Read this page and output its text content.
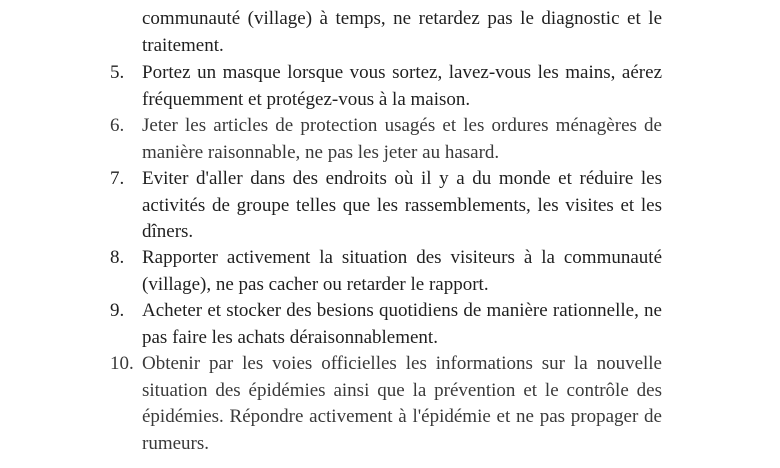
communauté (village) à temps, ne retardez pas le diagnostic et le traitement.
5. Portez un masque lorsque vous sortez, lavez-vous les mains, aérez fréquemment et protégez-vous à la maison.
6. Jeter les articles de protection usagés et les ordures ménagères de manière raisonnable, ne pas les jeter au hasard.
7. Eviter d'aller dans des endroits où il y a du monde et réduire les activités de groupe telles que les rassemblements, les visites et les dîners.
8. Rapporter activement la situation des visiteurs à la communauté (village), ne pas cacher ou retarder le rapport.
9. Acheter et stocker des besions quotidiens de manière rationnelle, ne pas faire les achats déraisonnablement.
10. Obtenir par les voies officielles les informations sur la nouvelle situation des épidémies ainsi que la prévention et le contrôle des épidémies. Répondre activement à l'épidémie et ne pas propager de rumeurs.
